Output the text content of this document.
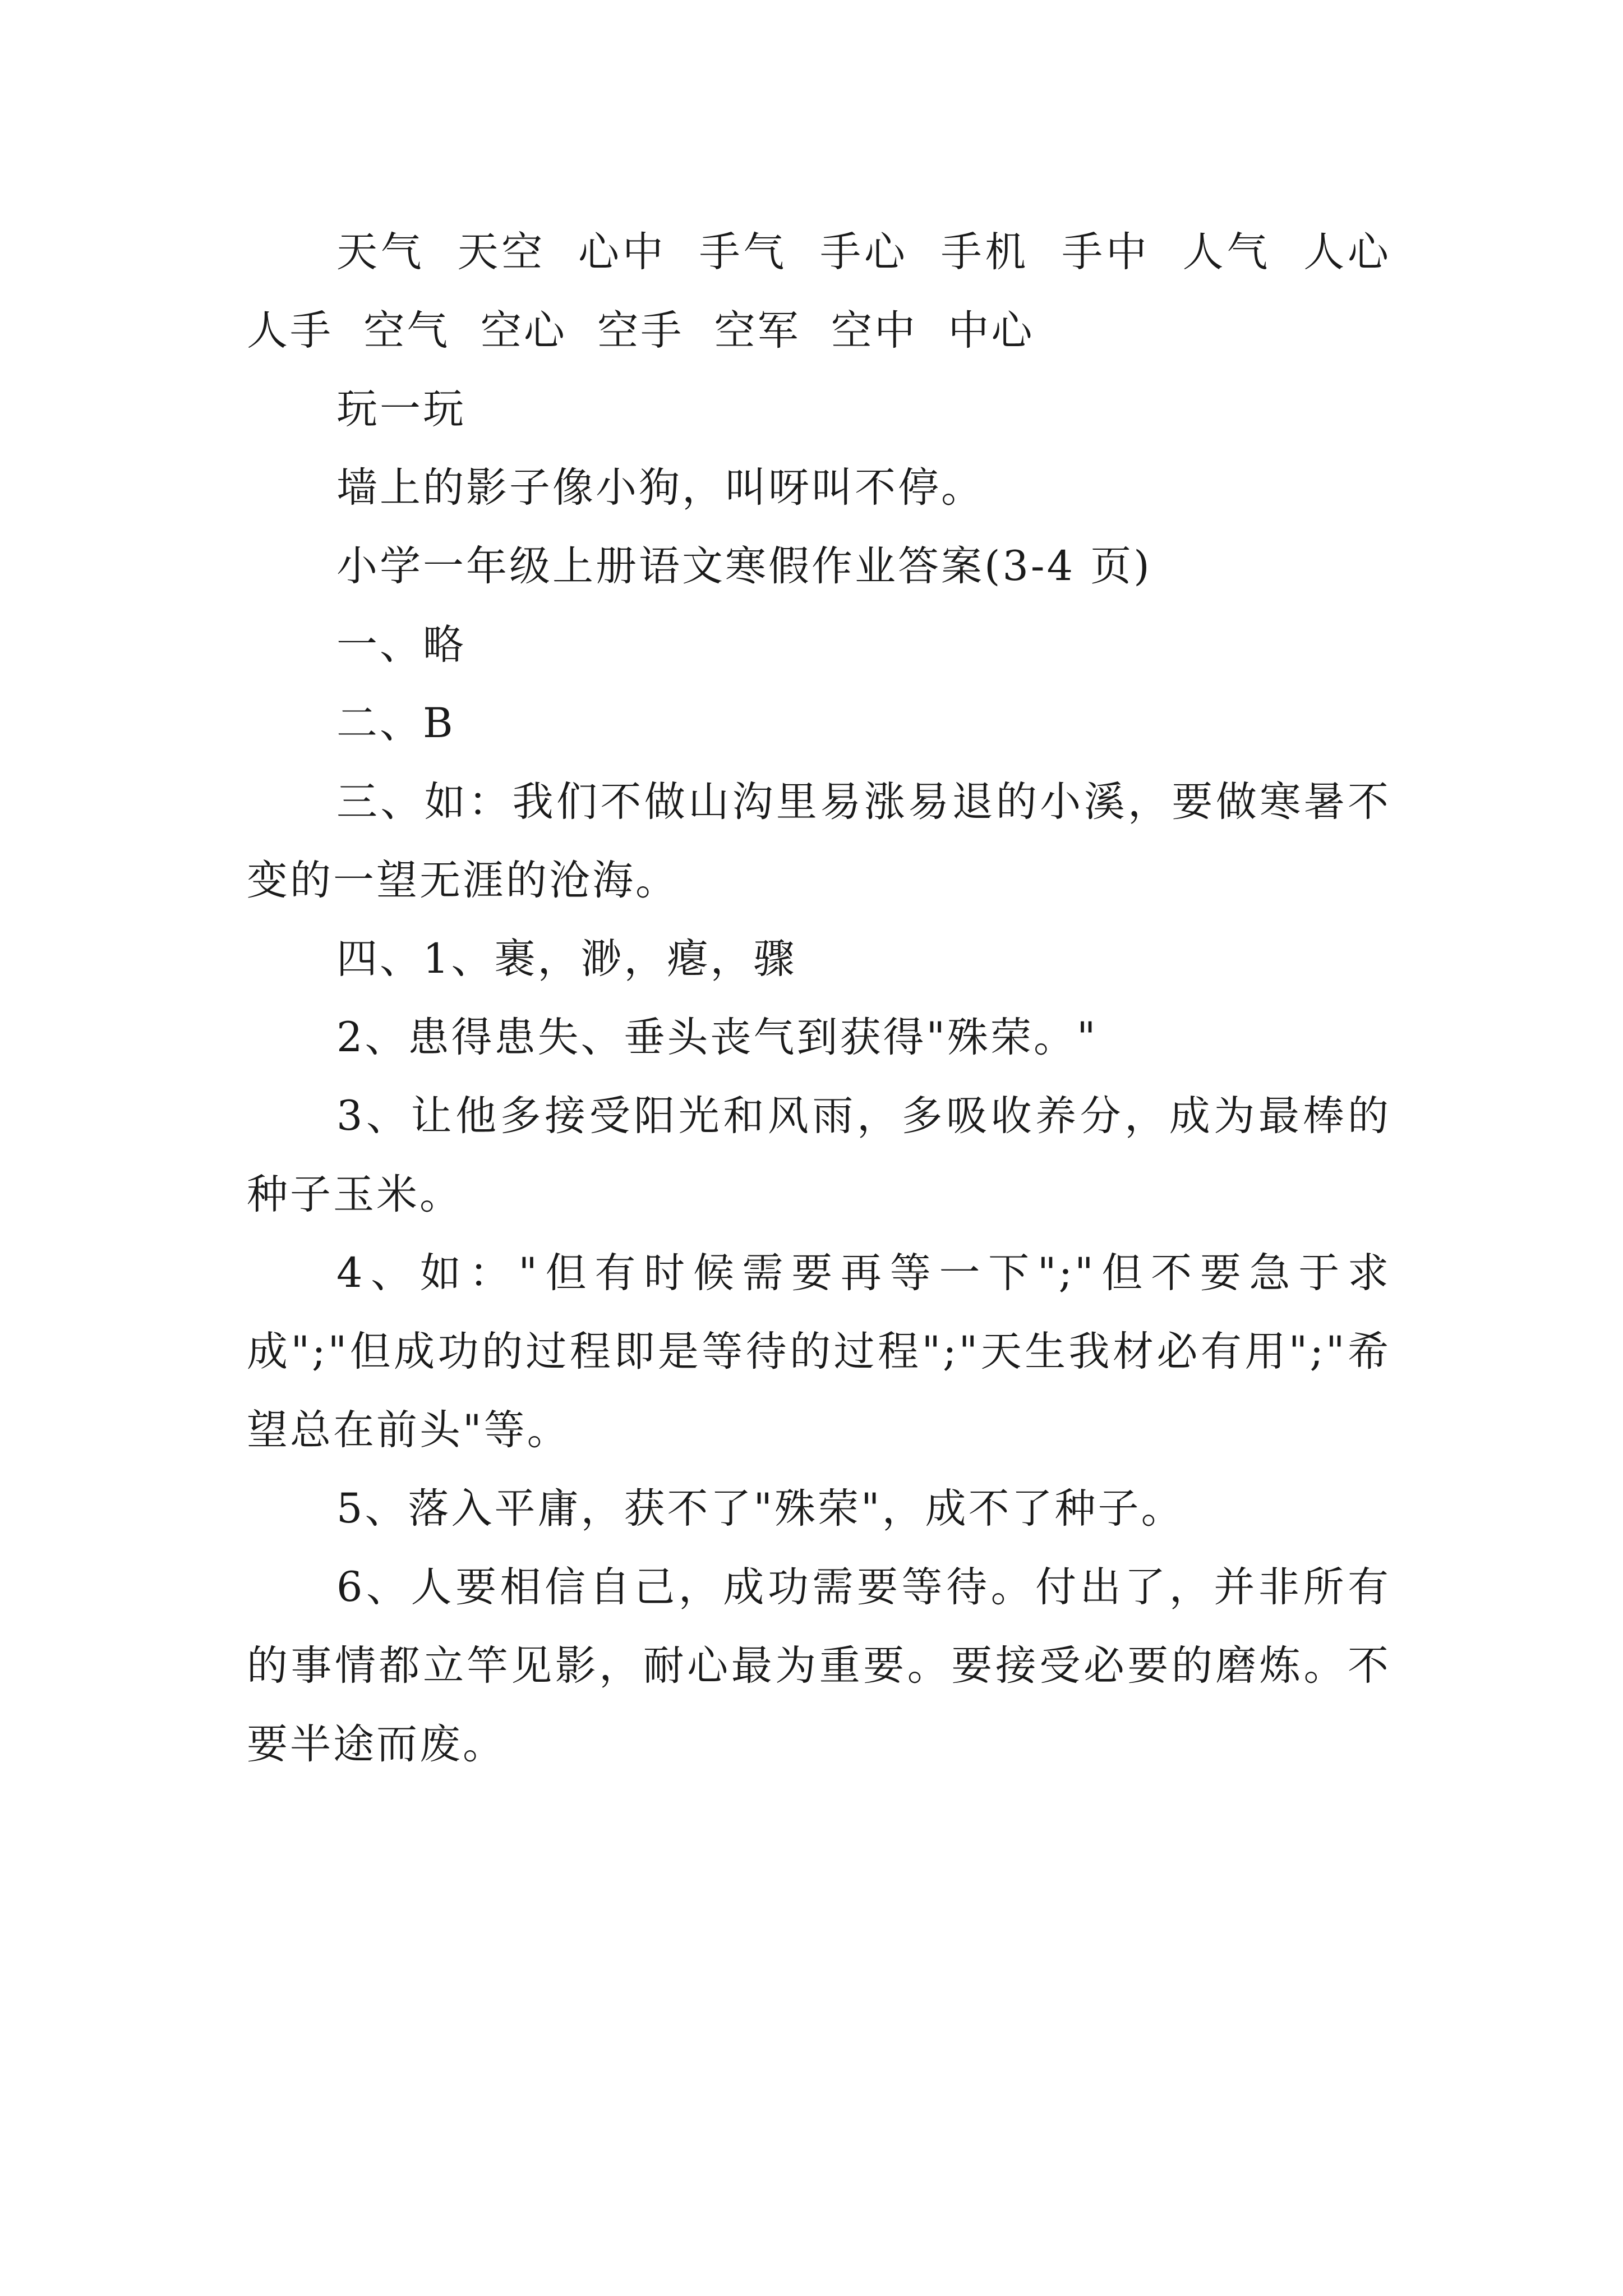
天气  天空  心中  手气  手心  手机  手中  人气  人心  人手  空气  空心  空手  空军  空中  中心

玩一玩

墙上的影子像小狗，叫呀叫不停。

小学一年级上册语文寒假作业答案(3-4 页)

一、略

二、B

三、如：我们不做山沟里易涨易退的小溪，要做寒暑不变的一望无涯的沧海。

四、1、裹，渺，瘪，骤

2、患得患失、垂头丧气到获得"殊荣。"

3、让他多接受阳光和风雨，多吸收养分，成为最棒的种子玉米。

4、如："但有时候需要再等一下";"但不要急于求成";"但成功的过程即是等待的过程";"天生我材必有用";"希望总在前头"等。

5、落入平庸，获不了"殊荣"，成不了种子。

6、人要相信自己，成功需要等待。付出了，并非所有的事情都立竿见影，耐心最为重要。要接受必要的磨炼。不要半途而废。
